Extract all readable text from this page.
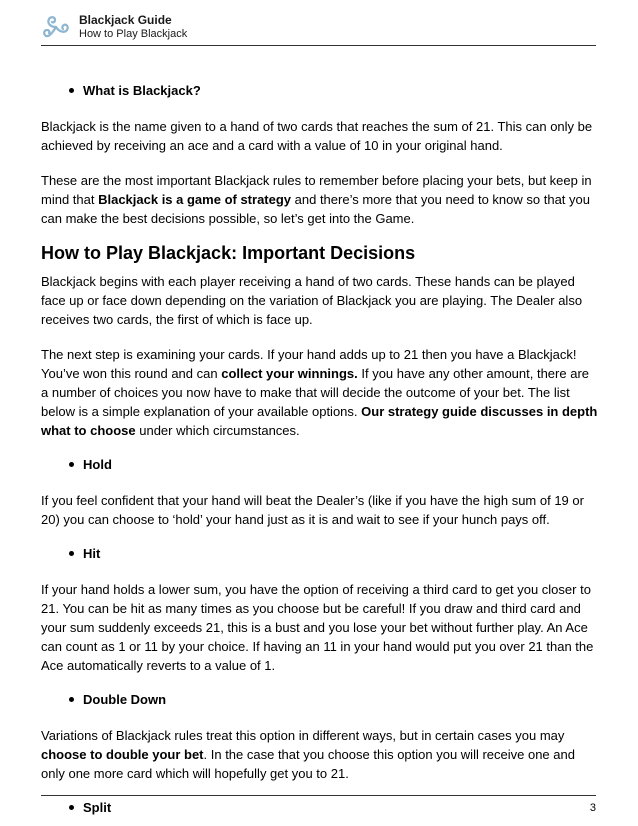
Blackjack Guide
How to Play Blackjack
What is Blackjack?

Blackjack is the name given to a hand of two cards that reaches the sum of 21. This can only be achieved by receiving an ace and a card with a value of 10 in your original hand.

These are the most important Blackjack rules to remember before placing your bets, but keep in mind that Blackjack is a game of strategy and there’s more that you need to know so that you can make the best decisions possible, so let’s get into the Game.

How to Play Blackjack: Important Decisions

Blackjack begins with each player receiving a hand of two cards. These hands can be played face up or face down depending on the variation of Blackjack you are playing. The Dealer also receives two cards, the first of which is face up.

The next step is examining your cards. If your hand adds up to 21 then you have a Blackjack! You’ve won this round and can collect your winnings. If you have any other amount, there are a number of choices you now have to make that will decide the outcome of your bet. The list below is a simple explanation of your available options. Our strategy guide discusses in depth what to choose under which circumstances.

Hold

If you feel confident that your hand will beat the Dealer’s (like if you have the high sum of 19 or 20) you can choose to ‘hold’ your hand just as it is and wait to see if your hunch pays off.

Hit

If your hand holds a lower sum, you have the option of receiving a third card to get you closer to 21. You can be hit as many times as you choose but be careful! If you draw and third card and your sum suddenly exceeds 21, this is a bust and you lose your bet without further play. An Ace can count as 1 or 11 by your choice. If having an 11 in your hand would put you over 21 than the Ace automatically reverts to a value of 1.

Double Down

Variations of Blackjack rules treat this option in different ways, but in certain cases you may choose to double your bet. In the case that you choose this option you will receive one and only one more card which will hopefully get you to 21.

Split	3
